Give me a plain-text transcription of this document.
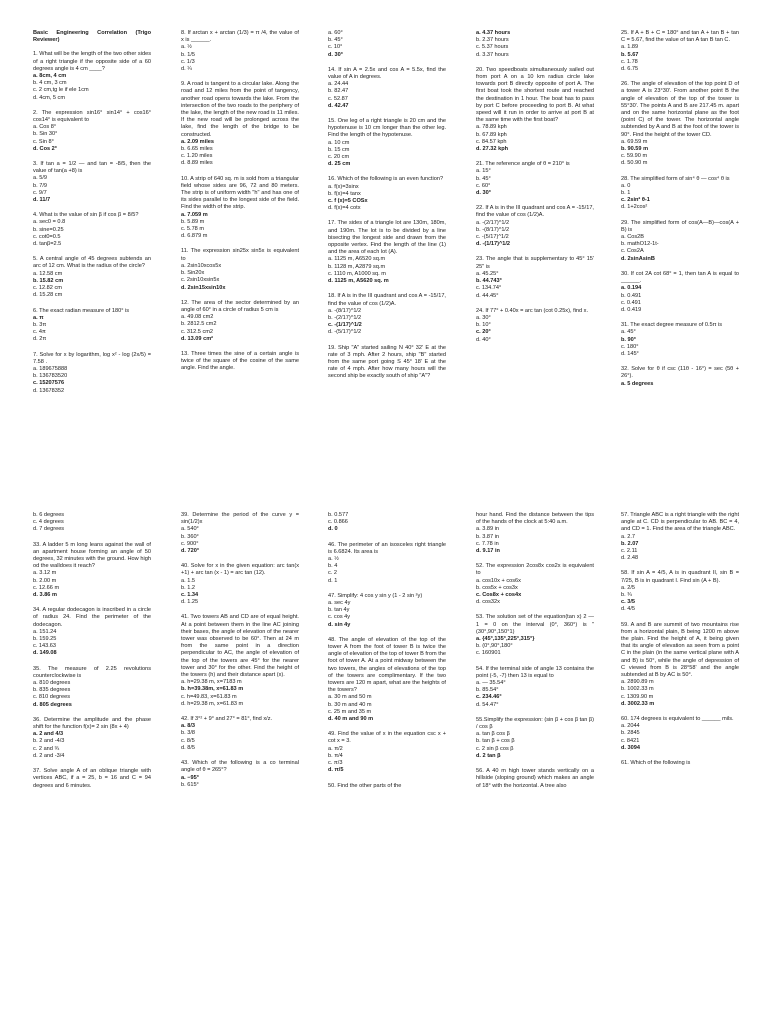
Basic Engineering Correlation (Trigo Reviewer)

1. What will be the length of the two other sides of a right triangle if the opposite side of a 60 degrees angle is 4 cm ____?

a. 8cm, 4 cm
b. 4 cm, 3 cm
c. 2 cm,tg le if ele 1cm
d. 4cm, 5 cm

2. The expression sin16° sin14° + cos16° cos14° is equivalent to

a. Cos 8°
b. Sin 30°
c. Sin 8°
d. Cos 2°

3. If tan a = 1/2 — and tan = -8/5, then the value of tan(a +8) is

a. 5/9
b. 7/9
c. 9/7
d. 11/7

4. What is the value of sin β if cos β = 8/5?

a. sec0 = 0.8
b. sine=0.25
c. cot0=0.5
d. tanβ=2.5

5. A central angle of 45 degrees subtends an arc of 12 cm. What is the radius of the circle?

a. 12.58 cm
b. 15.82 cm
c. 12.82 cm
d. 15.28 cm

6. The exact radian measure of 180° is

a. π
b. 3π
c. 4π
d. 2π

7. Solve for x by logarithm, log x² - log (2x/5) = 7.58 .

a. 189675888
b. 136783520
c. 15207576
d. 13678352

8. If arctan x + arctan (1/3) = π /4, the value of x is ______.

a. ½
b. 1/5
c. 1/3
d. ¼

9. A road is tangent to a circular lake. Along the road and 12 miles from the point of tangency, another road opens towards the lake. From the intersection of the two roads to the periphery of the lake, the length of the new road is 11 miles. If the new road will be prolonged across the lake, find the length of the bridge to be constructed.

a. 2.09 miles
b. 6.65 miles
c. 1.20 miles
d. 8.89 miles

10. A strip of 640 sq. m is sold from a triangular field whose sides are 96, 72 and 80 meters. The strip is of uniform width "h" and has one of its sides parallel to the longest side of the field. Find the width of the strip.

a. 7.059 m
b. 5.89 m
c. 5.78 m
d. 6.879 m

11. The expression sin25x sin5x is equivalent to

a. 2sin10xcos5x
b. Sin20x
c. 2sin10xsin5x
d. 2sin15xsin10x

12. The area of the sector determined by an angle of 60° in a circle of radius 5 cm is

a. 49.08 cm2
b. 2812.5 cm2
c. 312.5 cm2
d. 13.09 cm²

13. Three times the sine of a certain angle is twice of the square of the cosine of the same angle. Find the angle.

a. 60°
b. 45°
c. 10°
d. 30°

14. If sin A = 2.5x and cos A = 5.5x, find the value of A in degrees.

a. 24.44
b. 82.47
c. 52.87
d. 42.47

15. One leg of a right triangle is 20 cm and the hypotenuse is 10 cm longer than the other leg. Find the length of the hypotenuse.

a. 10 cm
b. 15 cm
c. 20 cm
d. 25 cm

16. Which of the following is an even function?

a. f(x)=3sinx
b. f(x)=4 tanx
c. f (x)=5 COSx
d. f(x)=4 cotx

17. The sides of a triangle lot are 130m, 180m, and 190m. The lot is to be divided by a line bisecting the longest side and drawn from the opposite vertex. Find the length of the line (1) and the area of each lot (A).

a. 1125 m, A6520 sq.m
b. 1128 m, A2879 sq.m
c. 1110 m, A1000 sq. m
d. 1125 m, A5620 sq. m

18. If A is in the III quadrant and cos A = -15/17, find the value of cos (1/2)A.

a. -(8/17)^1/2
b. -(2/17)^1/2
c. -(1/17)^1/2
d. -(5/17)^1/2

19. Ship "A" started sailing N 40° 32' E at the rate of 3 mph. After 2 hours, ship "B" started from the same port going S 45° 18' E at the rate of 4 mph. After how many hours will the second ship be exactly south of ship "A"?

a. 4.37 hours
b. 2.37 hours
c. 5.37 hours
d. 3.37 hours

20. Two speedboats simultaneously sailed out from port A on a 10 km radius circle lake towards port B directly opposite of port A. The first boat took the shortest route and reached the destination in 1 hour. The boat has to pass by port C before proceeding to port B. At what speed will it run in order to arrive at port B at the same time with the first boat?

a. 78.89 kph
b. 67.89 kph
c. 84.57 kph
d. 27.32 kph

21. The reference angle of θ = 210° is

a. 15°
b. 45°
c. 60°
d. 30°

22. If A is in the III quadrant and cos A = -15/17, find the value of cos (1/2)A.

a. -(2/17)^1/2
b. -(8/17)^1/2
c. -(5/17)^1/2
d. -(1/17)^1/2

23. The angle that is supplementary to 45° 15' 25" is

a. 45.25°
b. 44.743°
c. 134.74°
d. 44.45°

24. If 77° + 0.40x = arc tan (cot 0.25x), find x.

a. 30°
b. 10°
c. 20°
d. 40°

25. If A + B + C = 180° and tan A + tan B + tan C = 5.67, find the value of tan A tan B tan C.

a. 1.89
b. 5.67
c. 1.78
d. 6.75

26. The angle of elevation of the top point D of a tower A is 23°30'. From another point B the angle of elevation of the top of the tower is 55°30'. The points A and B are 217.45 m. apart and on the same horizontal plane as the foot (point C) of the tower. The horizontal angle subtended by A and B at the foot of the tower is 90°. Find the height of the tower CD.

a. 69.59 m
b. 90.59 m
c. 59.90 m
d. 50.90 m

28. The simplified form of sin⁴ θ — cos⁴ θ is

a. 0
b. 1
c. 2sin² θ-1
d. 1+2cos²

29. The simplified form of cos(A—B)—cos(A + B) is

a. Cos2B
b. mathO12-1t-
c. Cos2A
d. 2sinAsinB

30. If cot 2A cot 68° = 1, then tan A is equal to ______.

a. 0.194
b. 0.491
c. 0.491
d. 0.419

31. The exact degree measure of 0.5π is

a. 45°
b. 90°
c. 180°
d. 145°

32. Solve for θ if csc (11θ - 16°) = sec (5θ + 26°).

a. 5 degrees
b. 6 degrees
c. 4 degrees
d. 7 degrees

33. A ladder 5 m long leans against the wall of an apartment house forming an angle of 50 degrees, 32 minutes with the ground. How high od the walldoes it reach?

a. 3.12 m
b. 2.00 m
c. 12.66 m
d. 3.86 m

34. A regular dodecagon is inscribed in a circle of radius 24. Find the perimeter of the dodecagon.

a. 151.24
b. 159.25
c. 143.63
d. 149.08

35. The measure of 2.25 revolutions counterclockwise is

a. 810 degrees
b. 835 degrees
c. 810 degrees
d. 805 degrees

36. Determine the amplitude and the phase shift for the function f(x)= 2 sin (8x + 4)

a. 2 and 4/3
b. 2 and -4/3
c. 2 and ¾
d. 2 and -3/4

37. Solve angle A of an oblique triangle with vertices ABC, if a = 25, b = 16 and C = 94 degrees and 6 minutes.

39. Determine the period of the curve y = sin(1/2)x

a. 540°
b. 360°
c. 900°
d. 720°

40. Solve for x in the given equation: arc tan(x +1) + arc tan (x - 1) = arc tan (12).

a. 1.5
b. 1.2
c. 1.34
d. 1.25

41. Two towers AB and CD are of equal height. At a point between them in the line AC joining their bases, the angle of elevation of the nearer tower was observed to be 60°. Then at 24 m from the same point in a direction perpendicular to AC, the angle of elevation of the top of the towers are 45° for the nearer tower and 30° for the other. Find the height of the towers (h) and their distance apart (x).

a. h=29.38 m, x=7183 m
b. h=39.38m, x=61.83 m
c. h=49.83, x=61.83 m
d. h=29.38 m, x=61.83 m

42. If 3°² + 9° and 27° = 81°, find x/z.

a. 8/3
b. 3/8
c. 8/5
d. 8/5

43. Which of the following is a co terminal angle of θ = 265°?

a. −95°
b. 615°
b. 0.577
c. 0.866
d. 0

46. The perimeter of an isosceles right triangle is 6.6824. Its area is

a. ½
b. 4
c. 2
d. 1

47. Simplify: 4 cos y sin y (1 - 2 sin ²y)

a. sec 4y
b. tan 4y
c. cos 4y
d. sin 4y

48. The angle of elevation of the top of the tower A from the foot of tower B is twice the angle of elevation of the top of tower B from the foot of tower A. At a point midway between the two towers, the angles of elevations of the top of the towers are complimentary. If the two towers are 120 m apart, what are the heights of the towers?

a. 30 m and 50 m
b. 30 m and 40 m
c. 25 m and 35 m
d. 40 m and 90 m

49. Find the value of x in the equation csc x + cot x = 3.

a. π/2
b. π/4
c. π/3
d. π/5

50. Find the other parts of the

hour hand. Find the distance between the tips of the hands of the clock at 5:40 a.m.

a. 3.89 in
b. 3.87 in
c. 7.78 in
d. 9.17 in

52. The expression 2cos8x cos2x is equivalent to

a. cos10x + cos6x
b. cos5x + cos3x
c. Cos8x + cos4x
d. cos32x

53. The solution set of the equation(tan x) 2 — 1 = 0 on the interval (0°, 360°) is "(30°,90°,150°1)

a. {45°,135°,225°,315°}
b. (0°,90°,180°
c. 160901

54. If the terminal side of angle 13 contains the point (-5, -7) then 13 is equal to

a. — 35.54°
b. 85.54°
c. 234.46°
d. 54.47°

55.Simplify the expression: (sin β + cos β tan β) / cos β

a. tan β cos β
b. tan β + cos β
c. 2 sin β cos β
d. 2 tan β

56. A 40 m high tower stands vertically on a hillside (sloping ground) which makes an angle of 18° with the horizontal. A tree also

57. Triangle ABC is a right triangle with the right angle at C. CD is perpendicular to AB. BC = 4, and CD = 1. Find the area of the triangle ABC.

a. 2.7
b. 2.07
c. 2.11
d. 2.48

58. If sin A = 4/5, A is in quadrant II, sin B = 7/25, B is in quadrant I. Find sin (A + B).

a. 2/5
b. ¾
c. 3/5
d. 4/5

59. A and B are summit of two mountains rise from a horizontal plain, B being 1200 m above the plain. Find the height of A, it being given that its angle of elevation as seen from a point C in the plain (in the same vertical plane with A and B) is 50°, while the angle of depression of C viewed from B is 28°58' and the angle subtended at B by AC is 50°.

a. 2890.89 m
b. 1002.33 m
c. 1309.90 m
d. 3002.33 m

60. 174 degrees is equivalent to ______ mils.

a. 2044
b. 2845
c. 8421
d. 3094

61. Which of the following is
